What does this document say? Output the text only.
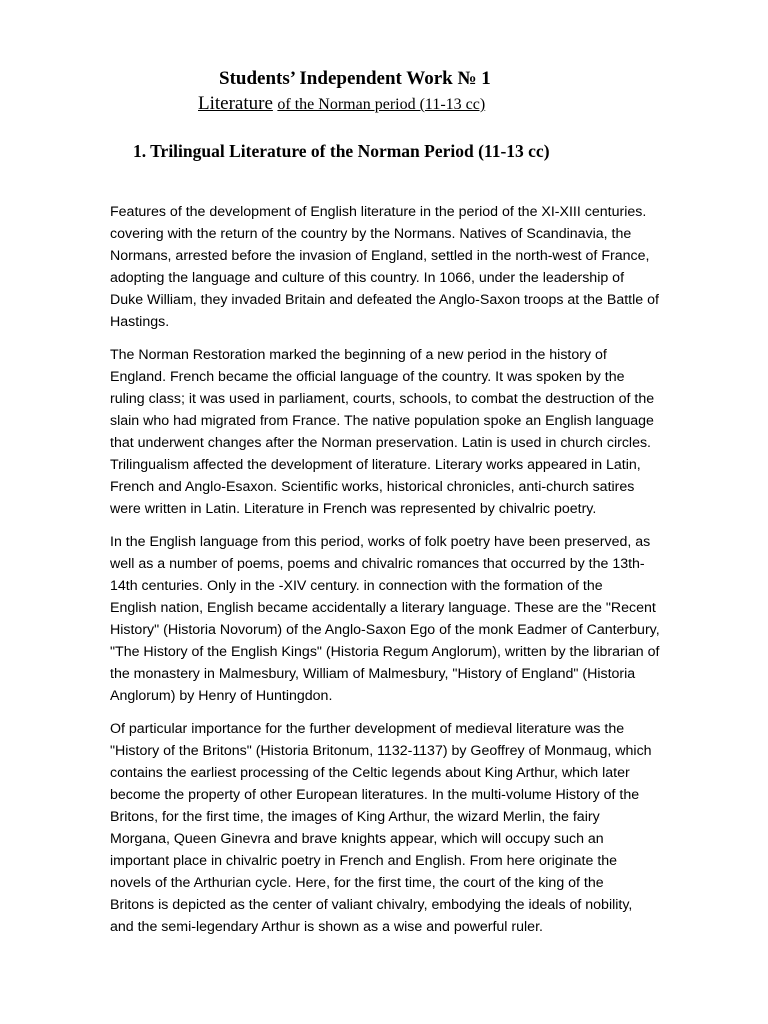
Students’ Independent Work № 1
Literature of the Norman period (11-13 cc)
1. Trilingual Literature of the Norman Period (11-13 cc)

Features of the development of English literature in the period of the XI-XIII centuries.
covering with the return of the country by the Normans. Natives of Scandinavia, the
Normans, arrested before the invasion of England, settled in the north-west of France,
adopting the language and culture of this country. In 1066, under the leadership of
Duke William, they invaded Britain and defeated the Anglo-Saxon troops at the Battle of
Hastings.

The Norman Restoration marked the beginning of a new period in the history of
England. French became the official language of the country. It was spoken by the
ruling class; it was used in parliament, courts, schools, to combat the destruction of the
slain who had migrated from France. The native population spoke an English language
that underwent changes after the Norman preservation. Latin is used in church circles.
Trilingualism affected the development of literature. Literary works appeared in Latin,
French and Anglo-Esaxon. Scientific works, historical chronicles, anti-church satires
were written in Latin. Literature in French was represented by chivalric poetry.

In the English language from this period, works of folk poetry have been preserved, as
well as a number of poems, poems and chivalric romances that occurred by the 13th-
14th centuries. Only in the -XIV century. in connection with the formation of the
English nation, English became accidentally a literary language. These are the "Recent
History" (Historia Novorum) of the Anglo-Saxon Ego of the monk Eadmer of Canterbury,
"The History of the English Kings" (Historia Regum Anglorum), written by the librarian of
the monastery in Malmesbury, William of Malmesbury, "History of England" (Historia
Anglorum) by Henry of Huntingdon.

Of particular importance for the further development of medieval literature was the
"History of the Britons" (Historia Britonum, 1132-1137) by Geoffrey of Monmaug, which
contains the earliest processing of the Celtic legends about King Arthur, which later
become the property of other European literatures. In the multi-volume History of the
Britons, for the first time, the images of King Arthur, the wizard Merlin, the fairy
Morgana, Queen Ginevra and brave knights appear, which will occupy such an
important place in chivalric poetry in French and English. From here originate the
novels of the Arthurian cycle. Here, for the first time, the court of the king of the
Britons is depicted as the center of valiant chivalry, embodying the ideals of nobility,
and the semi-legendary Arthur is shown as a wise and powerful ruler.
